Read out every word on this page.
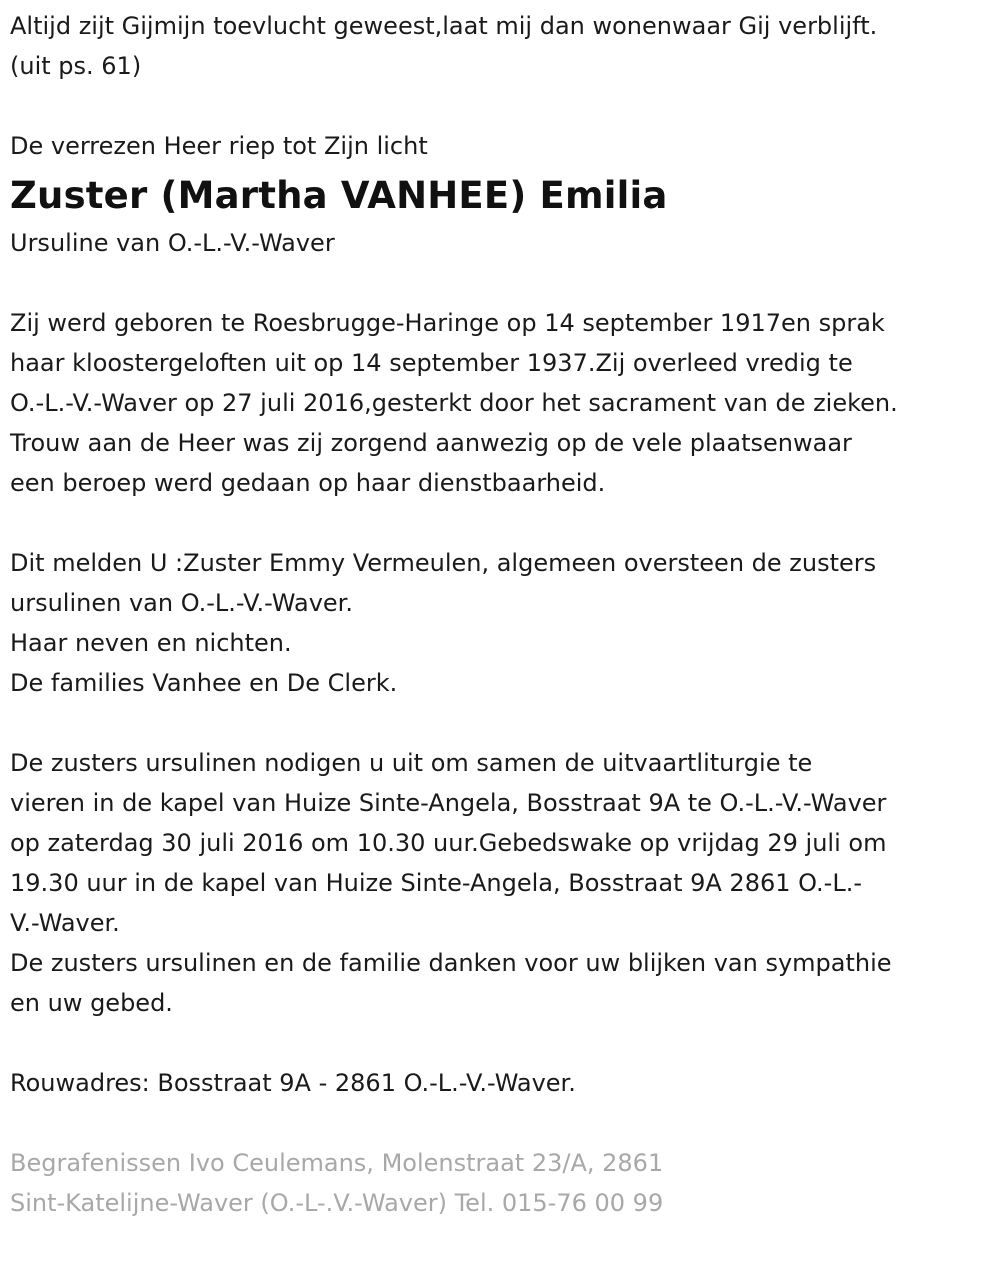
Altijd zijt Gijmijn toevlucht geweest,laat mij dan wonenwaar Gij verblijft.
(uit ps. 61)
De verrezen Heer riep tot Zijn licht
Zuster (Martha VANHEE) Emilia
Ursuline van O.-L.-V.-Waver
Zij werd geboren te Roesbrugge-Haringe op 14 september 1917en sprak
haar kloostergeloften uit op 14 september 1937.Zij overleed vredig te
O.-L.-V.-Waver op 27 juli 2016,gesterkt door het sacrament van de zieken.
Trouw aan de Heer was zij zorgend aanwezig op de vele plaatsenwaar
een beroep werd gedaan op haar dienstbaarheid.
Dit melden U :Zuster Emmy Vermeulen, algemeen oversteen de zusters
ursulinen van O.-L.-V.-Waver.
Haar neven en nichten.
De families Vanhee en De Clerk.
De zusters ursulinen nodigen u uit om samen de uitvaartliturgie te
vieren in de kapel van Huize Sinte-Angela, Bosstraat 9A te O.-L.-V.-Waver
op zaterdag 30 juli 2016 om 10.30 uur.Gebedswake op vrijdag 29 juli om
19.30 uur in de kapel van Huize Sinte-Angela, Bosstraat 9A 2861 O.-L.-
V.-Waver.
De zusters ursulinen en de familie danken voor uw blijken van sympathie
en uw gebed.
Rouwadres: Bosstraat 9A - 2861 O.-L.-V.-Waver.
Begrafenissen Ivo Ceulemans, Molenstraat 23/A, 2861
Sint-Katelijne-Waver (O.-L-.V.-Waver) Tel. 015-76 00 99
